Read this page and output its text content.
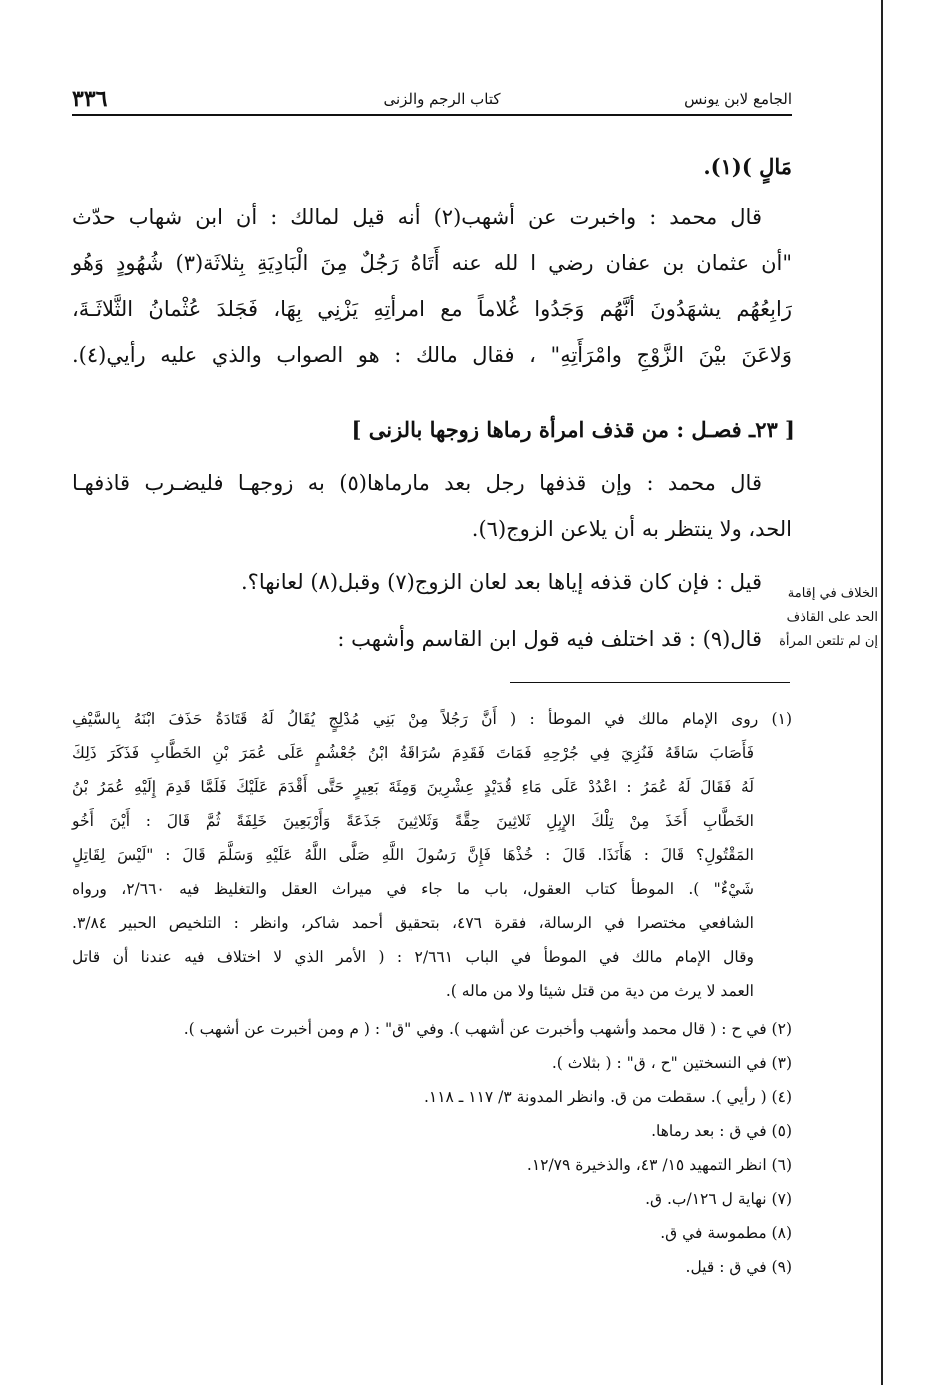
الجامع لابن يونس
كتاب الرجم والزنى
٣٣٦
مَالٍ )(١).
قال محمد : واخبرت عن أشهب(٢) أنه قيل لمالك : أن ابن شهاب حدّث
"أن عثمان بن عفان رضي ا لله عنه أَتَاهُ رَجُلٌ مِنَ الْبَادِيَةِ بِثلاثَة(٣) شُهُودٍ وَهُو
رَابِعُهُم يشهَدُونَ أنَّهُم وَجَدُوا غُلاماً مع امرأتِهِ يَزْنِي بِهَا، فَجَلدَ عُثْمانُ الثَّلاثَـةَ،
وَلاعَنَ بيْنَ الزَّوْجِ وامْرَأَتِهِ" ، فقال مالك : هو الصواب والذي عليه رأيي(٤).
[ ٢٣ـ فصـل : من قذف امرأة رماها زوجها بالزنى ]
قال محمد : وإن قذفها رجل بعد مارماها(٥) به زوجهـا فليضـرب قاذفهـا
الحد، ولا ينتظر به أن يلاعن الزوج(٦).
قيل : فإن كان قذفه إياها بعد لعان الزوج(٧) وقبل(٨) لعانها؟.
قال(٩) : قد اختلف فيه قول ابن القاسم وأشهب :
الخلاف في إقامة
الحد على القاذف
إن لم تلتعن المرأة
(١) روى الإمام مالك في الموطأ : ( أَنَّ رَجُلاً مِنْ بَنِي مُدْلِجٍ يُقَالُ لَهُ قَتَادَةُ حَذَفَ ابْنَهُ بِالسَّيْفِ
فَأَصَابَ سَاقَهُ فَنُزِيَ فِي جُرْحِهِ فَمَاتَ فَقَدِمَ سُرَاقَةُ ابْنُ جُعْشُمٍ عَلَى عُمَرَ بْنِ الخَطَّابِ فَذَكَرَ ذَلِكَ
لَهُ فَقَالَ لَهُ عُمَرُ : اعْدُدْ عَلَى مَاءِ قُدَيْدٍ عِشْرِينَ وَمِئَةَ بَعِيرٍ حَتَّى أَقْدَمَ عَلَيْكَ فَلَمَّا قَدِمَ إِلَيْهِ عُمَرُ بْنُ
الخَطَّابِ أَخَذَ مِنْ تِلْكَ الإِبِلِ ثَلاثِينَ حِقَّةً وَثَلاثِينَ جَذَعَةً وَأَرْبَعِينَ خَلِفَةً ثُمَّ قَالَ : أَيْنَ أَخُو
المَقْتُولِ؟ قَالَ : هَأَنَذَا. قَالَ : خُذْهَا فَإِنَّ رَسُولَ اللَّهِ صَلَّى اللَّهُ عَلَيْهِ وَسَلَّمَ قَالَ : "لَيْسَ لِقَاتِلٍ
شَيْءٌ" ). الموطأ كتاب العقول، باب ما جاء في ميراث العقل والتغليظ فيه ٢/٦٦٠، ورواه
الشافعي مختصرا في الرسالة، فقرة ٤٧٦، بتحقيق أحمد شاكر، وانظر : التلخيص الحبير ٣/٨٤.
وقال الإمام مالك في الموطأ في الباب ٢/٦٦١ : ( الأمر الذي لا اختلاف فيه عندنا أن قاتل
العمد لا يرث من دية من قتل شيئا ولا من ماله ).
(٢) في ح : ( قال محمد وأشهب وأخبرت عن أشهب ). وفي "ق" : ( م ومن أخبرت عن أشهب ).
(٣) في النسختين "ح ، ق" : ( بثلاث ).
(٤) ( رأيي ). سقطت من ق. وانظر المدونة ٣/ ١١٧ ـ ١١٨.
(٥) في ق : بعد رماها.
(٦) انظر التمهيد ١٥/ ٤٣، والذخيرة ١٢/٧٩.
(٧) نهاية ل ١٢٦/ب. ق.
(٨) مطموسة في ق.
(٩) في ق : قيل.
